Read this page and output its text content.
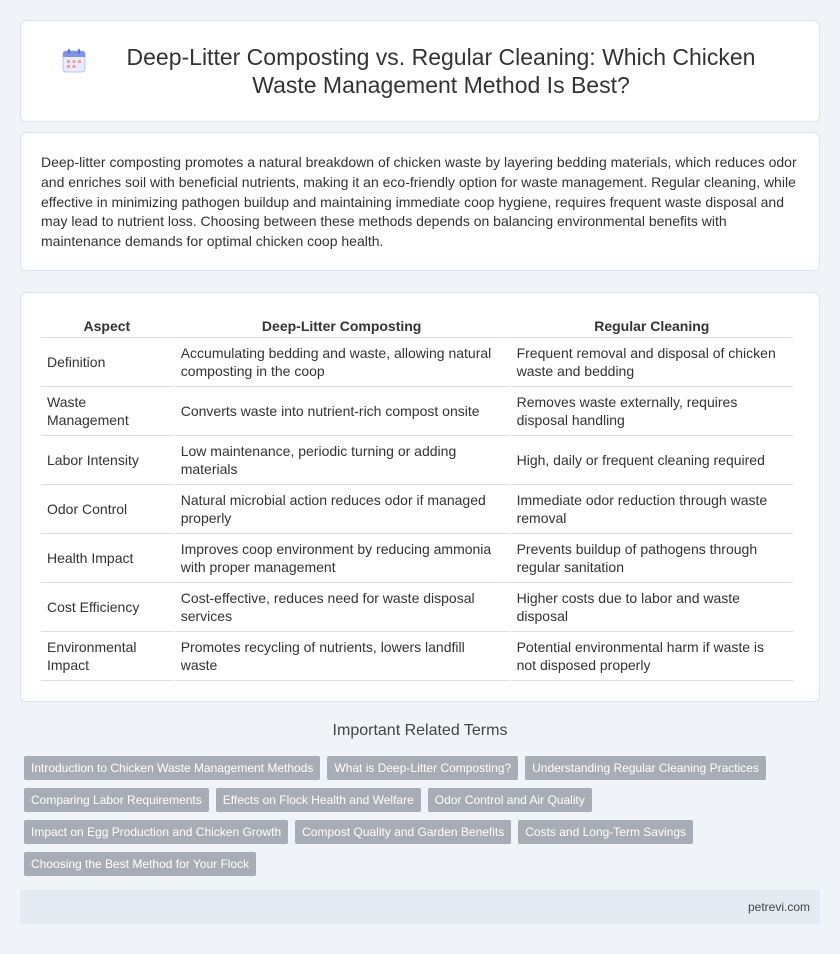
Deep-Litter Composting vs. Regular Cleaning: Which Chicken Waste Management Method Is Best?

Deep-litter composting promotes a natural breakdown of chicken waste by layering bedding materials, which reduces odor and enriches soil with beneficial nutrients, making it an eco-friendly option for waste management. Regular cleaning, while effective in minimizing pathogen buildup and maintaining immediate coop hygiene, requires frequent waste disposal and may lead to nutrient loss. Choosing between these methods depends on balancing environmental benefits with maintenance demands for optimal chicken coop health.

Aspect	Deep-Litter Composting	Regular Cleaning
Definition	Accumulating bedding and waste, allowing natural composting in the coop	Frequent removal and disposal of chicken waste and bedding
Waste Management	Converts waste into nutrient-rich compost onsite	Removes waste externally, requires disposal handling
Labor Intensity	Low maintenance, periodic turning or adding materials	High, daily or frequent cleaning required
Odor Control	Natural microbial action reduces odor if managed properly	Immediate odor reduction through waste removal
Health Impact	Improves coop environment by reducing ammonia with proper management	Prevents buildup of pathogens through regular sanitation
Cost Efficiency	Cost-effective, reduces need for waste disposal services	Higher costs due to labor and waste disposal
Environmental Impact	Promotes recycling of nutrients, lowers landfill waste	Potential environmental harm if waste is not disposed properly
Important Related Terms
Introduction to Chicken Waste Management Methods	What is Deep-Litter Composting?	Understanding Regular Cleaning Practices
Comparing Labor Requirements	Effects on Flock Health and Welfare	Odor Control and Air Quality
Impact on Egg Production and Chicken Growth	Compost Quality and Garden Benefits	Costs and Long-Term Savings
Choosing the Best Method for Your Flock
petrevi.com
